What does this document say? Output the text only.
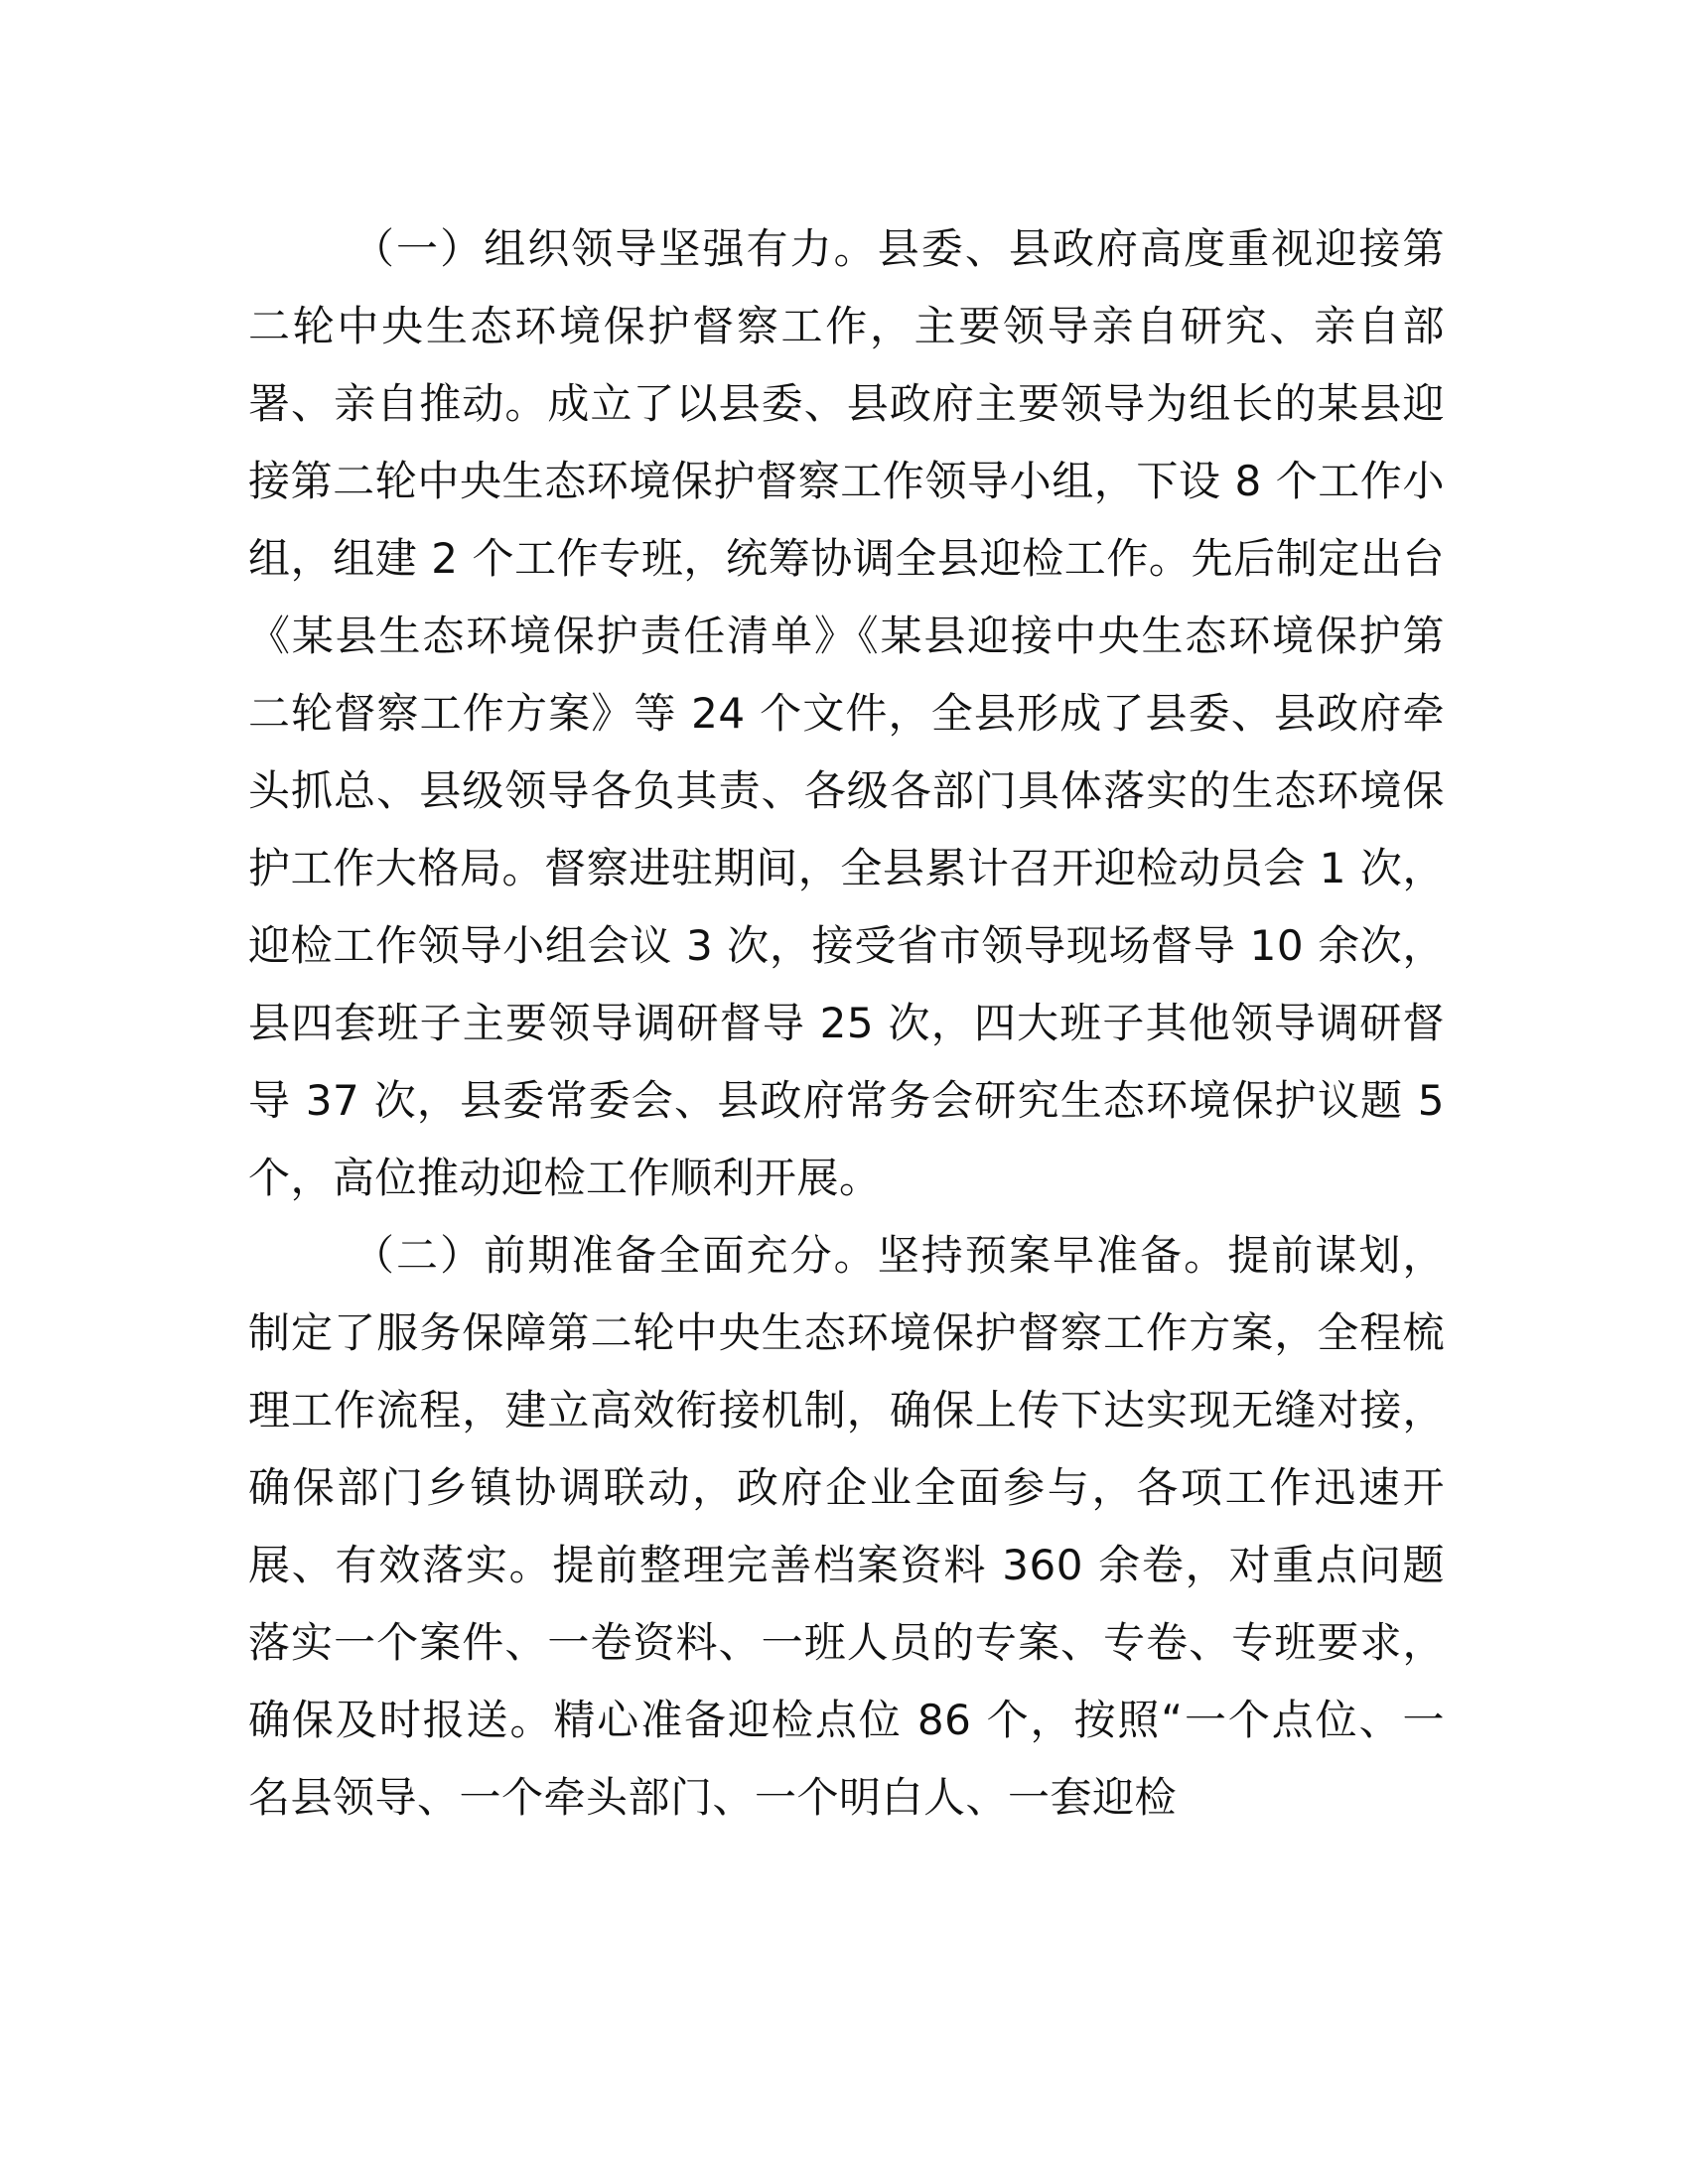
（一）组织领导坚强有力。县委、县政府高度重视迎接第二轮中央生态环境保护督察工作，主要领导亲自研究、亲自部署、亲自推动。成立了以县委、县政府主要领导为组长的某县迎接第二轮中央生态环境保护督察工作领导小组，下设 8 个工作小组，组建 2 个工作专班，统筹协调全县迎检工作。先后制定出台《某县生态环境保护责任清单》《某县迎接中央生态环境保护第二轮督察工作方案》等 24 个文件，全县形成了县委、县政府牵头抓总、县级领导各负其责、各级各部门具体落实的生态环境保护工作大格局。督察进驻期间，全县累计召开迎检动员会 1 次，迎检工作领导小组会议 3 次，接受省市领导现场督导 10 余次，县四套班子主要领导调研督导 25 次，四大班子其他领导调研督导 37 次，县委常委会、县政府常务会研究生态环境保护议题 5 个，高位推动迎检工作顺利开展。

（二）前期准备全面充分。坚持预案早准备。提前谋划，制定了服务保障第二轮中央生态环境保护督察工作方案，全程梳理工作流程，建立高效衔接机制，确保上传下达实现无缝对接，确保部门乡镇协调联动，政府企业全面参与，各项工作迅速开展、有效落实。提前整理完善档案资料 360 余卷，对重点问题落实一个案件、一卷资料、一班人员的专案、专卷、专班要求，确保及时报送。精心准备迎检点位 86 个，按照“一个点位、一名县领导、一个牵头部门、一个明白人、一套迎检
